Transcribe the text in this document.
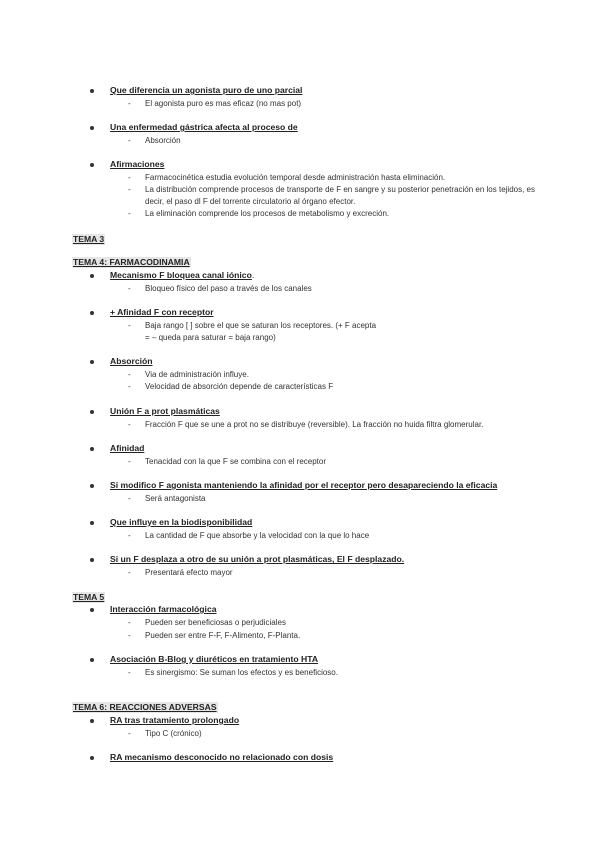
Que diferencia un agonista puro de uno parcial
- El agonista puro es mas eficaz (no mas pot)
Una enfermedad gástrica afecta al proceso de
- Absorción
Afirmaciones
- Farmacocinética estudia evolución temporal desde administración hasta eliminación.
- La distribución comprende procesos de transporte de F en sangre y su posterior penetración en los tejidos, es decir, el paso dl F del torrente circulatorio al órgano efector.
- La eliminación comprende los procesos de metabolismo y excreción.
TEMA 3
TEMA 4: FARMACODINAMIA
Mecanismo F bloquea canal iónico.
- Bloqueo físico del paso a través de los canales
+ Afinidad F con receptor
- Baja rango [ ] sobre el que se saturan los receptores. (+ F acepta = – queda para saturar = baja rango)
Absorción
- Via de administración influye.
- Velocidad de absorción depende de características F
Unión F a prot plasmáticas
- Fracción F que se une a prot no se distribuye (reversible). La fracción no huida filtra glomerular.
Afinidad
- Tenacidad con la que F se combina con el receptor
Si modifico F agonista manteniendo la afinidad por el receptor pero desapareciendo la eficacia
- Será antagonista
Que influye en la biodisponibilidad
- La cantidad de F que absorbe y la velocidad con la que lo hace
Si un F desplaza a otro de su unión a prot plasmáticas, El F desplazado.
- Presentará efecto mayor
TEMA 5
Interacción farmacológica
- Pueden ser beneficiosas o perjudiciales
- Pueden ser entre F-F, F-Alimento, F-Planta.
Asociación B-Blog y diuréticos en tratamiento HTA
- Es sinergismo: Se suman los efectos y es beneficioso.
TEMA 6: REACCIONES ADVERSAS
RA tras tratamiento prolongado
- Tipo C (crónico)
RA mecanismo desconocido no relacionado con dosis
